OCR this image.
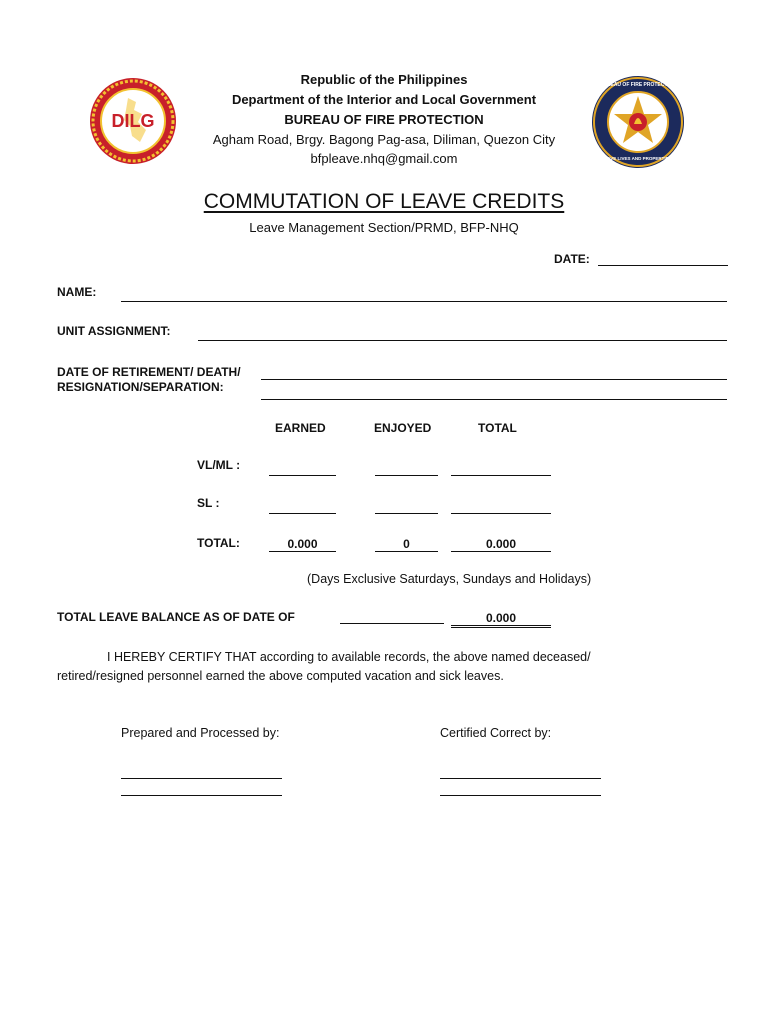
DILG
BUREAU OF FIRE PROTECTION
SAVE LIVES AND PROPERTIES
Republic of the Philippines
Department of the Interior and Local Government
BUREAU OF FIRE PROTECTION
Agham Road, Brgy. Bagong Pag-asa, Diliman, Quezon City
bfpleave.nhq@gmail.com
COMMUTATION OF LEAVE CREDITS
Leave Management Section/PRMD, BFP-NHQ
DATE:
NAME:
UNIT ASSIGNMENT:
DATE OF RETIREMENT/ DEATH/
RESIGNATION/SEPARATION:
EARNED	ENJOYED	TOTAL
VL/ML :
SL :
TOTAL:	0.000	0	0.000
(Days Exclusive Saturdays, Sundays and Holidays)
TOTAL LEAVE BALANCE AS OF DATE OF	0.000
I HEREBY CERTIFY THAT according to available records, the above named deceased/
retired/resigned personnel earned the above computed vacation and sick leaves.
Prepared and Processed by:	Certified Correct by:
